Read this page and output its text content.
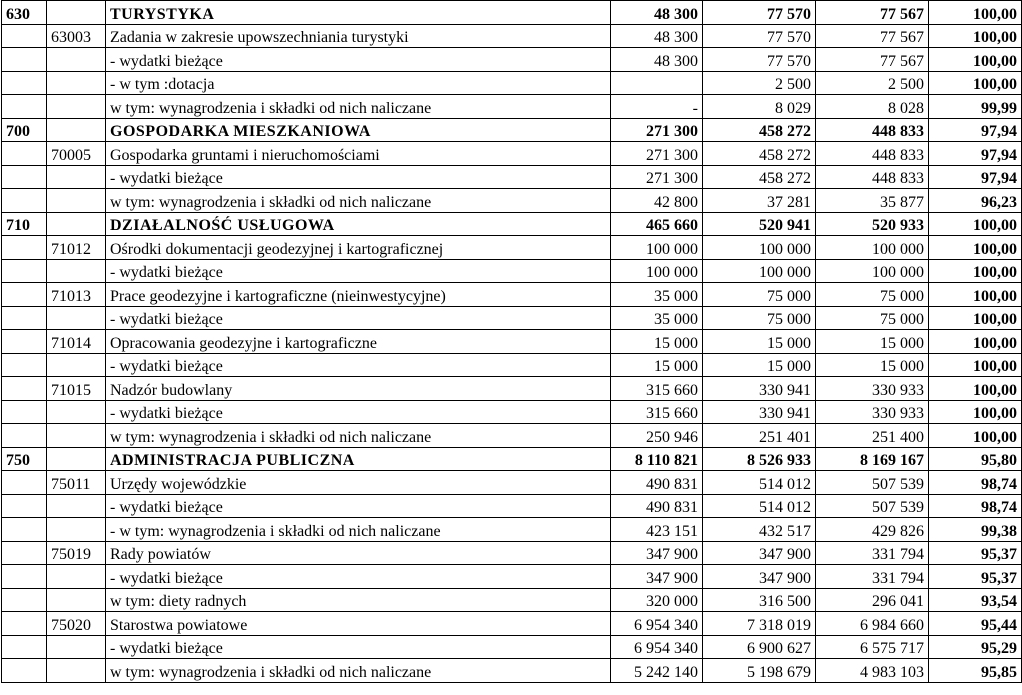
630		TURYSTYKA	48 300	77 570	77 567	100,00
	63003	Zadania w zakresie upowszechniania turystyki	48 300	77 570	77 567	100,00
		- wydatki bieżące	48 300	77 570	77 567	100,00
		- w tym :dotacja		2 500	2 500	100,00
		w tym: wynagrodzenia i składki od nich naliczane	-	8 029	8 028	99,99
700		GOSPODARKA MIESZKANIOWA	271 300	458 272	448 833	97,94
	70005	Gospodarka gruntami i nieruchomościami	271 300	458 272	448 833	97,94
		- wydatki bieżące	271 300	458 272	448 833	97,94
		w tym: wynagrodzenia i składki od nich naliczane	42 800	37 281	35 877	96,23
710		DZIAŁALNOŚĆ USŁUGOWA	465 660	520 941	520 933	100,00
	71012	Ośrodki dokumentacji geodezyjnej i kartograficznej	100 000	100 000	100 000	100,00
		- wydatki bieżące	100 000	100 000	100 000	100,00
	71013	Prace geodezyjne i kartograficzne (nieinwestycyjne)	35 000	75 000	75 000	100,00
		- wydatki bieżące	35 000	75 000	75 000	100,00
	71014	Opracowania geodezyjne i kartograficzne	15 000	15 000	15 000	100,00
		- wydatki bieżące	15 000	15 000	15 000	100,00
	71015	Nadzór budowlany	315 660	330 941	330 933	100,00
		- wydatki bieżące	315 660	330 941	330 933	100,00
		w tym: wynagrodzenia i składki od nich naliczane	250 946	251 401	251 400	100,00
750		ADMINISTRACJA PUBLICZNA	8 110 821	8 526 933	8 169 167	95,80
	75011	Urzędy wojewódzkie	490 831	514 012	507 539	98,74
		- wydatki bieżące	490 831	514 012	507 539	98,74
		- w tym: wynagrodzenia i składki od nich naliczane	423 151	432 517	429 826	99,38
	75019	Rady powiatów	347 900	347 900	331 794	95,37
		- wydatki bieżące	347 900	347 900	331 794	95,37
		w tym: diety radnych	320 000	316 500	296 041	93,54
	75020	Starostwa powiatowe	6 954 340	7 318 019	6 984 660	95,44
		- wydatki bieżące	6 954 340	6 900 627	6 575 717	95,29
		w tym: wynagrodzenia i składki od nich naliczane	5 242 140	5 198 679	4 983 103	95,85
